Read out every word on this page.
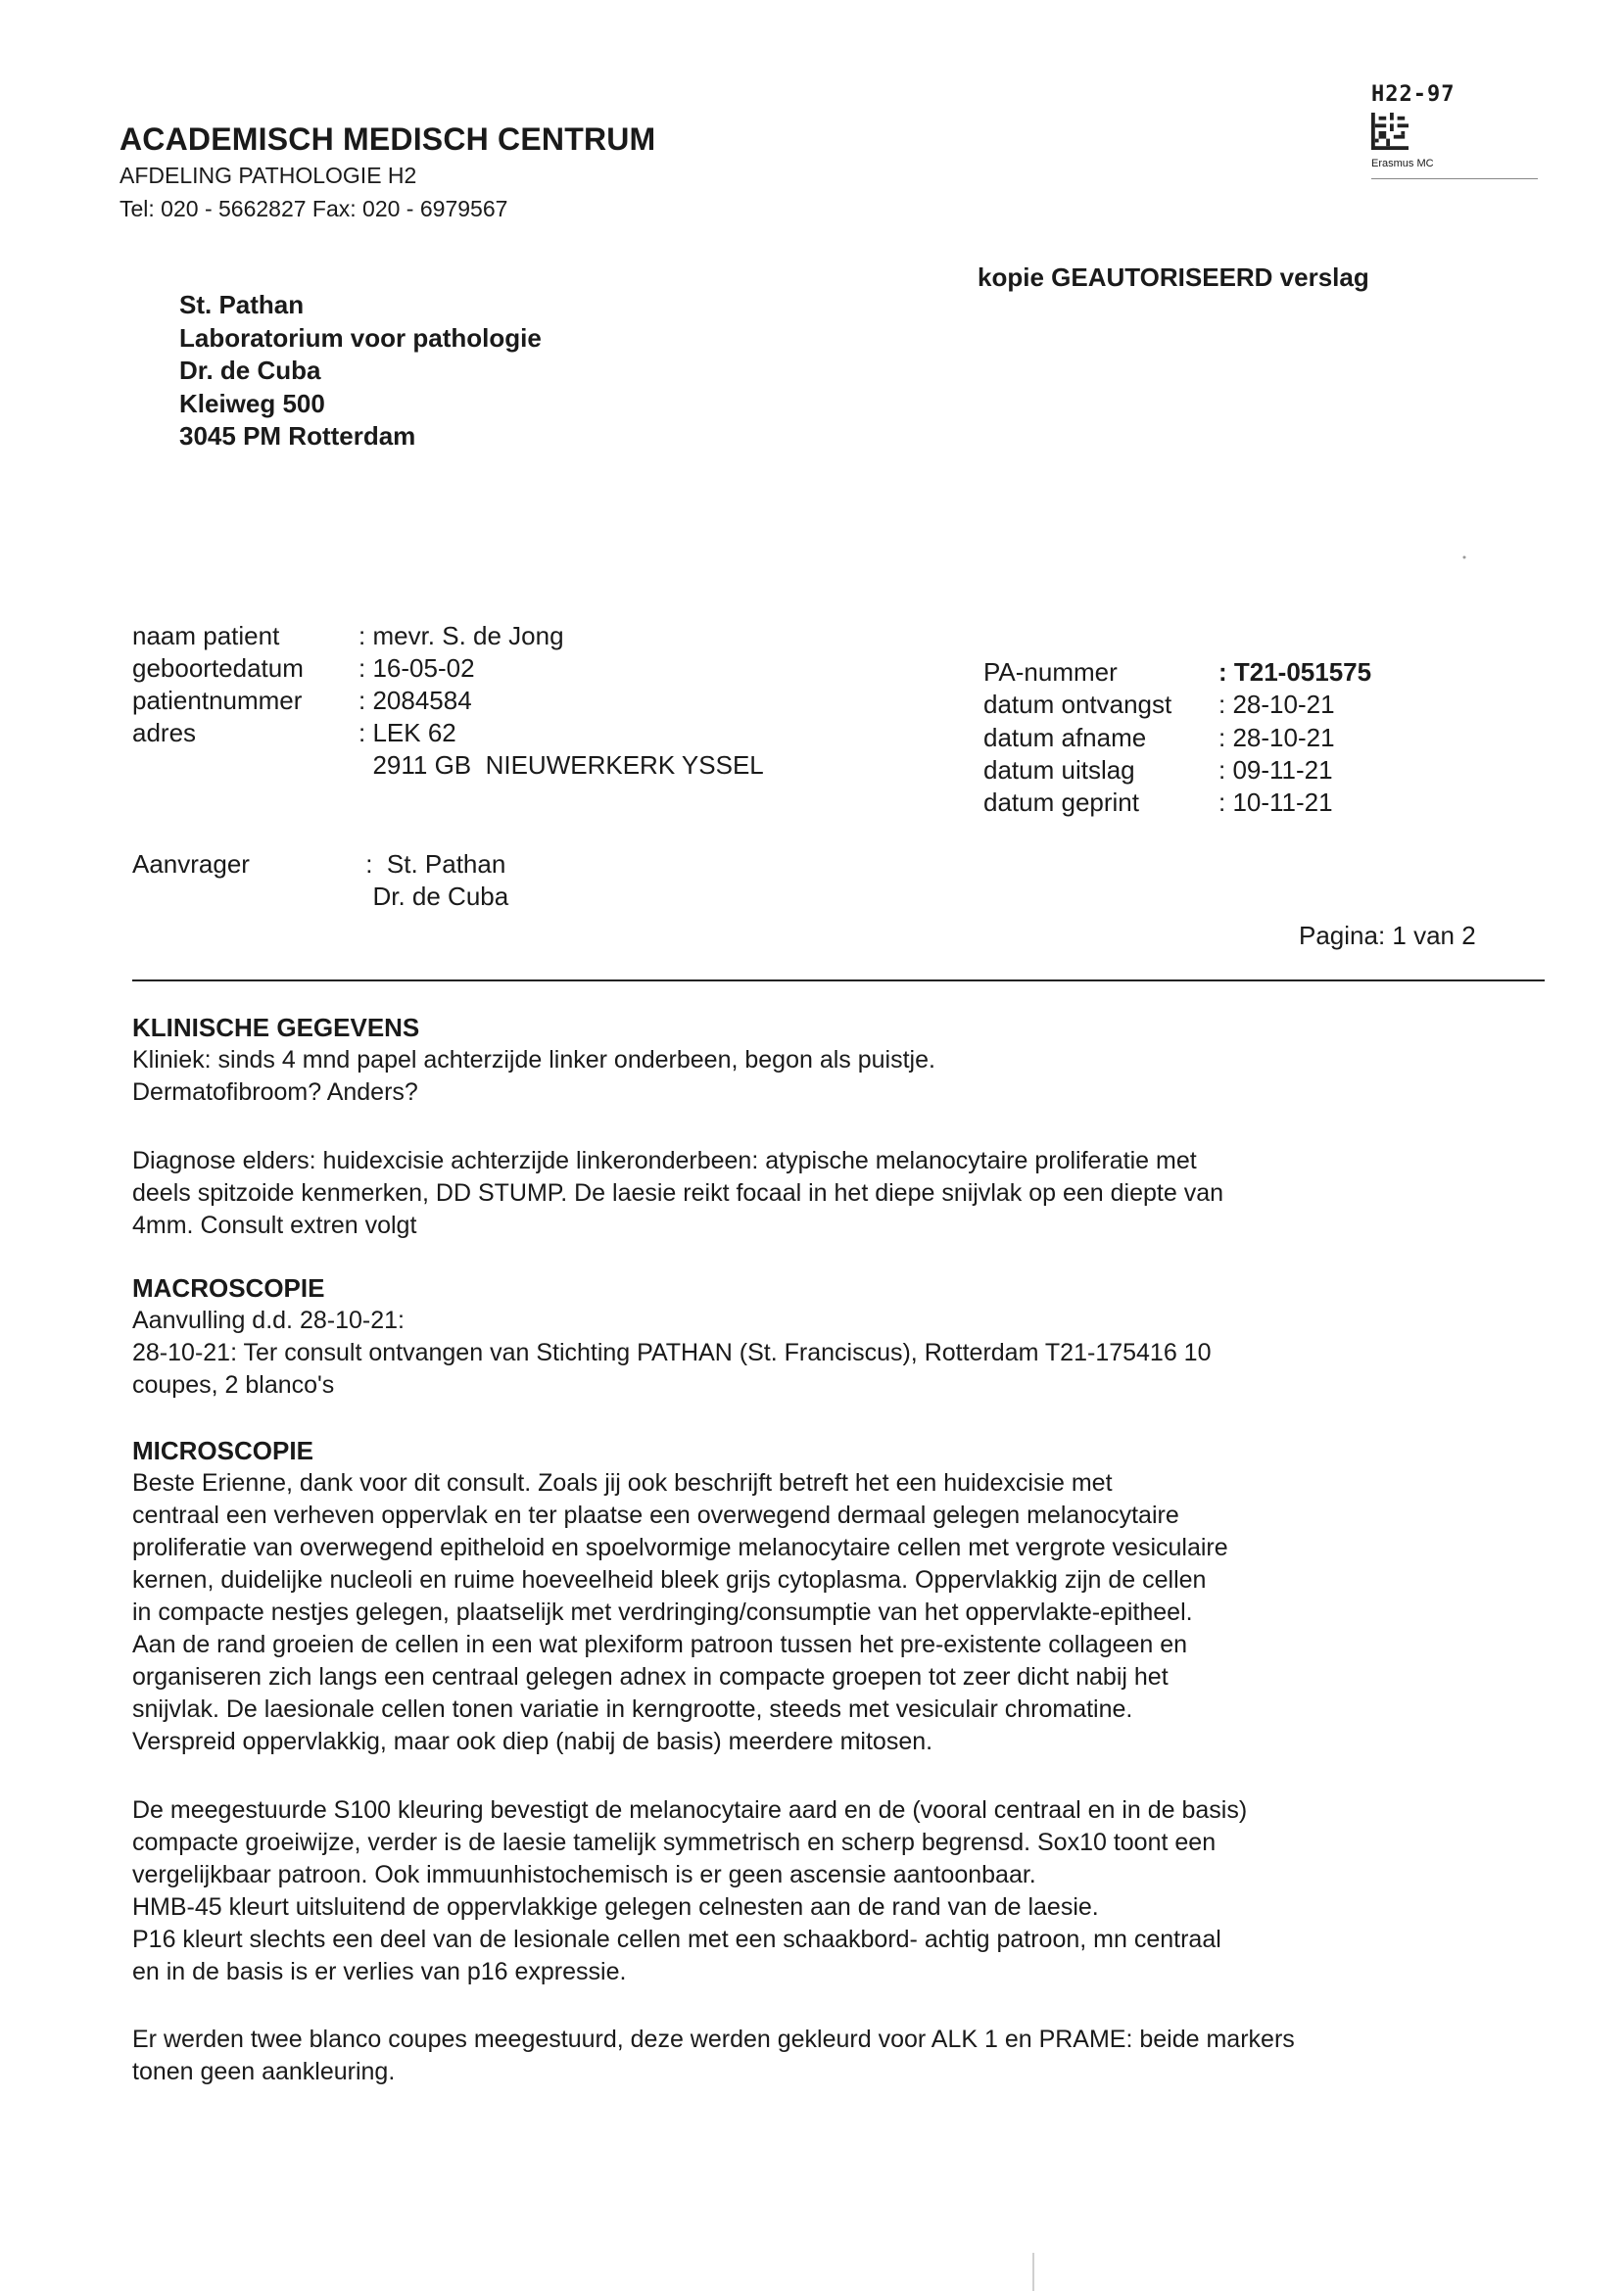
ACADEMISCH MEDISCH CENTRUM
AFDELING PATHOLOGIE H2
Tel: 020 - 5662827 Fax: 020 - 6979567
H22-97
Erasmus MC
kopie GEAUTORISEERD verslag
St. Pathan
Laboratorium voor pathologie
Dr. de Cuba
Kleiweg 500
3045 PM Rotterdam
naam patient	: mevr. S. de Jong
geboortedatum : 16-05-02
patientnummer : 2084584
adres	: LEK 62
2911 GB  NIEUWERKERK YSSEL
Aanvrager	:  St. Pathan
Dr. de Cuba
PA-nummer	: T21-051575
datum ontvangst : 28-10-21
datum afname	: 28-10-21
datum uitslag	: 09-11-21
datum geprint	: 10-11-21
Pagina: 1 van 2
KLINISCHE GEGEVENS
Kliniek: sinds 4 mnd papel achterzijde linker onderbeen, begon als puistje.
Dermatofibroom? Anders?
Diagnose elders: huidexcisie achterzijde linkeronderbeen: atypische melanocytaire proliferatie met
deels spitzoide kenmerken, DD STUMP. De laesie reikt focaal in het diepe snijvlak op een diepte van
4mm. Consult extren volgt
MACROSCOPIE
Aanvulling d.d. 28-10-21:
28-10-21: Ter consult ontvangen van Stichting PATHAN (St. Franciscus), Rotterdam T21-175416 10
coupes, 2 blanco's
MICROSCOPIE
Beste Erienne, dank voor dit consult. Zoals jij ook beschrijft betreft het een huidexcisie met
centraal een verheven oppervlak en ter plaatse een overwegend dermaal gelegen melanocytaire
proliferatie van overwegend epitheloid en spoelvormige melanocytaire cellen met vergrote vesiculaire
kernen, duidelijke nucleoli en ruime hoeveelheid bleek grijs cytoplasma. Oppervlakkig zijn de cellen
in compacte nestjes gelegen, plaatselijk met verdringing/consumptie van het oppervlakte-epitheel.
Aan de rand groeien de cellen in een wat plexiform patroon tussen het pre-existente collageen en
organiseren zich langs een centraal gelegen adnex in compacte groepen tot zeer dicht nabij het
snijvlak. De laesionale cellen tonen variatie in kerngrootte, steeds met vesiculair chromatine.
Verspreid oppervlakkig, maar ook diep (nabij de basis) meerdere mitosen.
De meegestuurde S100 kleuring bevestigt de melanocytaire aard en de (vooral centraal en in de basis)
compacte groeiwijze, verder is de laesie tamelijk symmetrisch en scherp begrensd. Sox10 toont een
vergelijkbaar patroon. Ook immuunhistochemisch is er geen ascensie aantoonbaar.
HMB-45 kleurt uitsluitend de oppervlakkige gelegen celnesten aan de rand van de laesie.
P16 kleurt slechts een deel van de lesionale cellen met een schaakbord- achtig patroon, mn centraal
en in de basis is er verlies van p16 expressie.
Er werden twee blanco coupes meegestuurd, deze werden gekleurd voor ALK 1 en PRAME: beide markers
tonen geen aankleuring.
